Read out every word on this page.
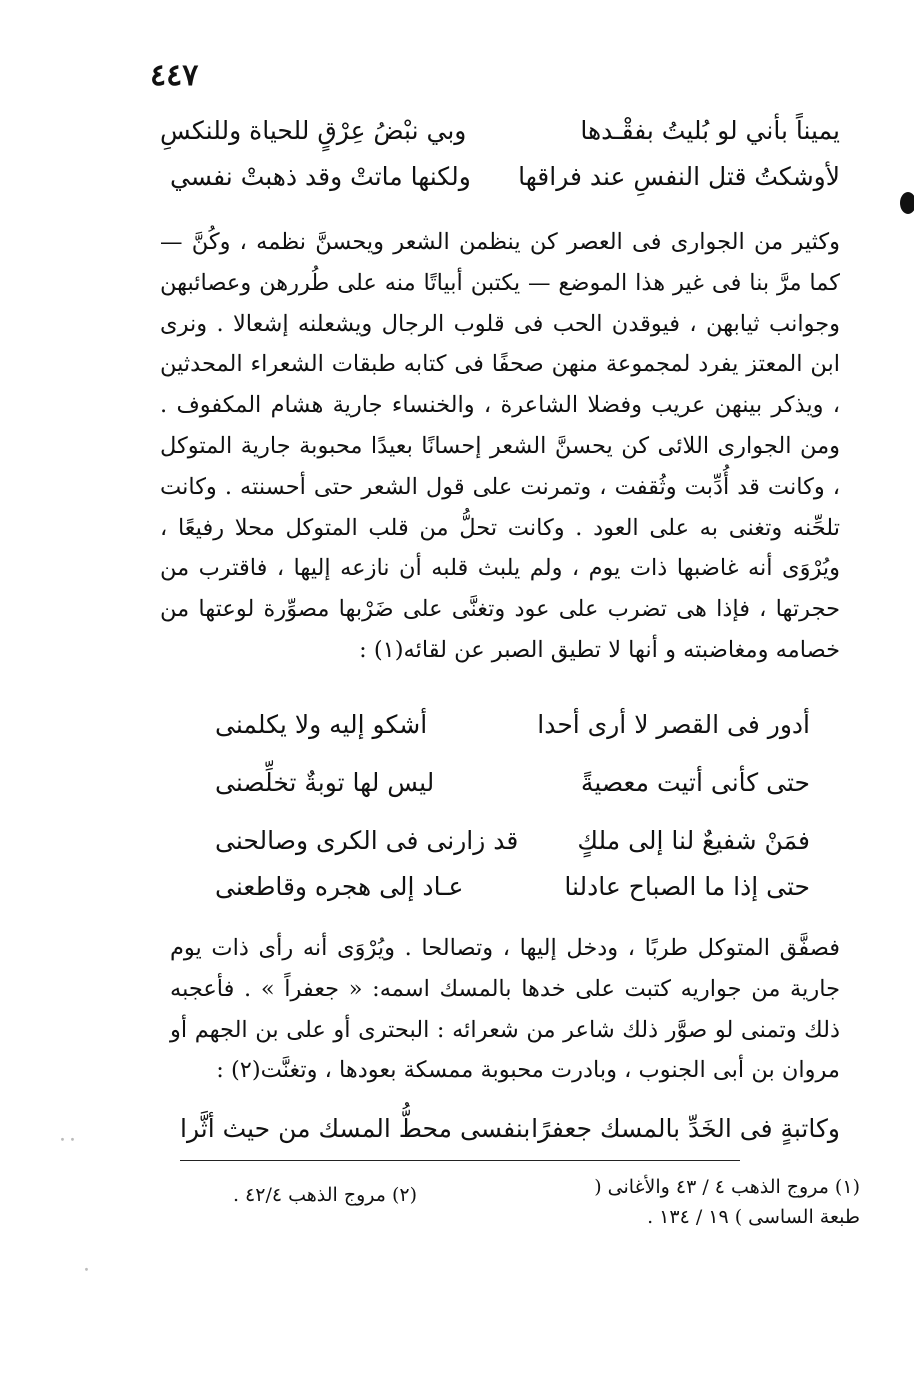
٤٤٧
يميناً بأني لو بُليتُ بفقْـدها
وبي نبْضُ عِرْقٍ للحياة وللنكسِ
لأوشكتُ قتل النفسِ عند فراقها
ولكنها ماتتْ وقد ذهبتْ نفسي

وكثير من الجوارى فى العصر كن ينظمن الشعر ويحسنَّ نظمه ، وكُنَّ — كما مرَّ بنا فى غير هذا الموضع — يكتبن أبياتًا منه على طُررهن وعصائبهن وجوانب ثيابهن ، فيوقدن الحب فى قلوب الرجال ويشعلنه إشعالا . ونرى ابن المعتز يفرد لمجموعة منهن صحفًا فى كتابه طبقات الشعراء المحدثين ، ويذكر بينهن عريب وفضلا الشاعرة ، والخنساء جارية هشام المكفوف . ومن الجوارى اللائى كن يحسنَّ الشعر إحسانًا بعيدًا محبوبة جارية المتوكل ، وكانت قد أُدِّبت وثُقفت ، وتمرنت على قول الشعر حتى أحسنته . وكانت تلحِّنه وتغنى به على العود . وكانت تحلُّ من قلب المتوكل محلا رفيعًا ، ويُرْوَى أنه غاضبها ذات يوم ، ولم يلبث قلبه أن نازعه إليها ، فاقترب من حجرتها ، فإذا هى تضرب على عود وتغنَّى على ضَرْبها مصوِّرة لوعتها من خصامه ومغاضبته و أنها لا تطيق الصبر عن لقائه(١) :

أدور فى القصر لا أرى أحدا
أشكو إليه ولا يكلمنى
حتى كأنى أتيت معصيةً
ليس لها توبةٌ تخلِّصنى
فمَنْ شفيعٌ لنا إلى ملكٍ
قد زارنى فى الكرى وصالحنى
حتى إذا ما الصباح عادلنا
عـاد إلى هجره وقاطعنى

فصفَّق المتوكل طربًا ، ودخل إليها ، وتصالحا . ويُرْوَى أنه رأى ذات يوم جارية من جواريه كتبت على خدها بالمسك اسمه: « جعفراً » . فأعجبه ذلك وتمنى لو صوَّر ذلك شاعر من شعرائه : البحترى أو على بن الجهم أو مروان بن أبى الجنوب ، وبادرت محبوبة ممسكة بعودها ، وتغنَّت(٢) :

وكاتبةٍ فى الخَدِّ بالمسك جعفرًا
بنفسى محطُّ المسك من حيث أثَّرا
(١) مروج الذهب ٤ / ٤٣ والأغانى ( طبعة الساسى ) ١٩ / ١٣٤ .
(٢) مروج الذهب ٤٢/٤ .
ꞏ ꞏ
ꞏ
